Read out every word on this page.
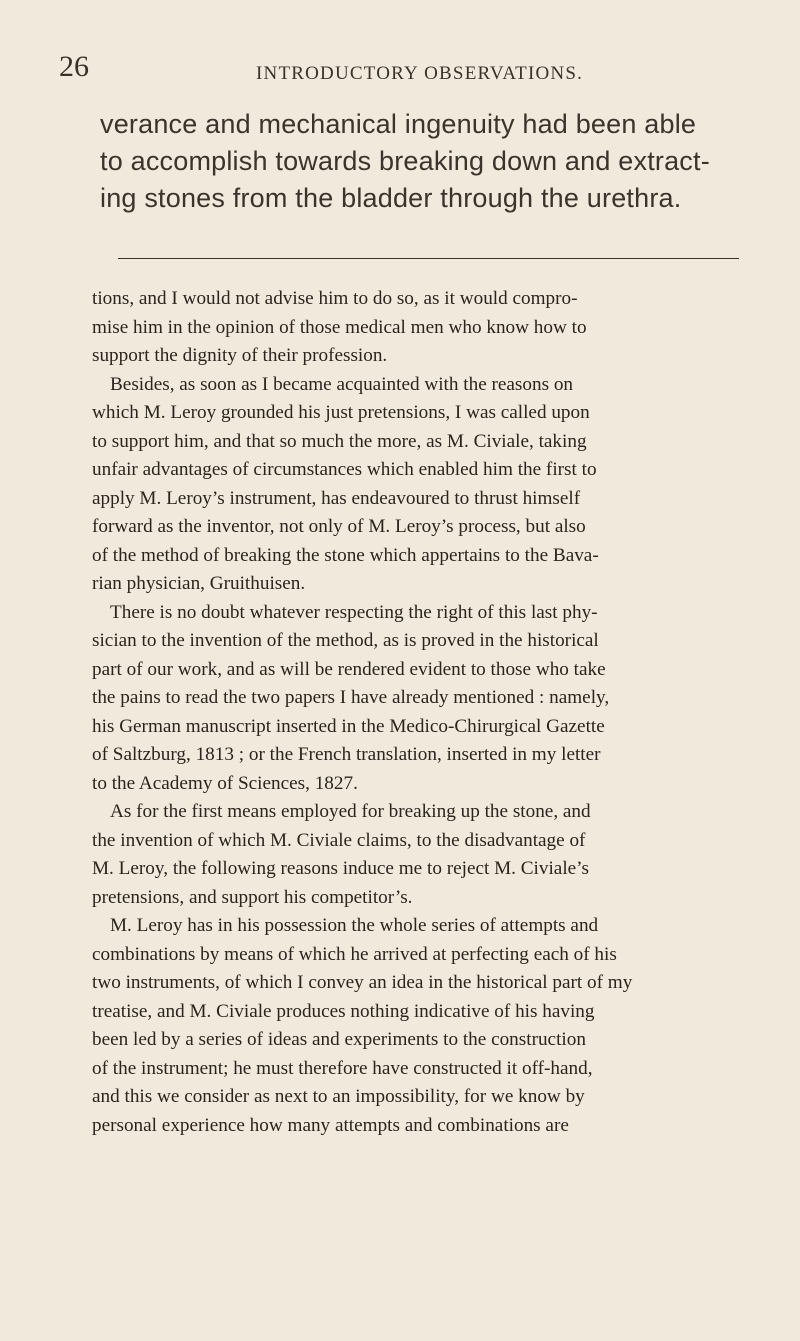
26	INTRODUCTORY OBSERVATIONS.
verance and mechanical ingenuity had been able
to accomplish towards breaking down and extract-
ing stones from the bladder through the urethra.
tions, and I would not advise him to do so, as it would compro-
mise him in the opinion of those medical men who know how to
support the dignity of their profession.
Besides, as soon as I became acquainted with the reasons on
which M. Leroy grounded his just pretensions, I was called upon
to support him, and that so much the more, as M. Civiale, taking
unfair advantages of circumstances which enabled him the first to
apply M. Leroy’s instrument, has endeavoured to thrust himself
forward as the inventor, not only of M. Leroy’s process, but also
of the method of breaking the stone which appertains to the Bava-
rian physician, Gruithuisen.
There is no doubt whatever respecting the right of this last phy-
sician to the invention of the method, as is proved in the historical
part of our work, and as will be rendered evident to those who take
the pains to read the two papers I have already mentioned : namely,
his German manuscript inserted in the Medico-Chirurgical Gazette
of Saltzburg, 1813 ; or the French translation, inserted in my letter
to the Academy of Sciences, 1827.
As for the first means employed for breaking up the stone, and
the invention of which M. Civiale claims, to the disadvantage of
M. Leroy, the following reasons induce me to reject M. Civiale’s
pretensions, and support his competitor’s.
M. Leroy has in his possession the whole series of attempts and
combinations by means of which he arrived at perfecting each of his
two instruments, of which I convey an idea in the historical part of my
treatise, and M. Civiale produces nothing indicative of his having
been led by a series of ideas and experiments to the construction
of the instrument; he must therefore have constructed it off-hand,
and this we consider as next to an impossibility, for we know by
personal experience how many attempts and combinations are
